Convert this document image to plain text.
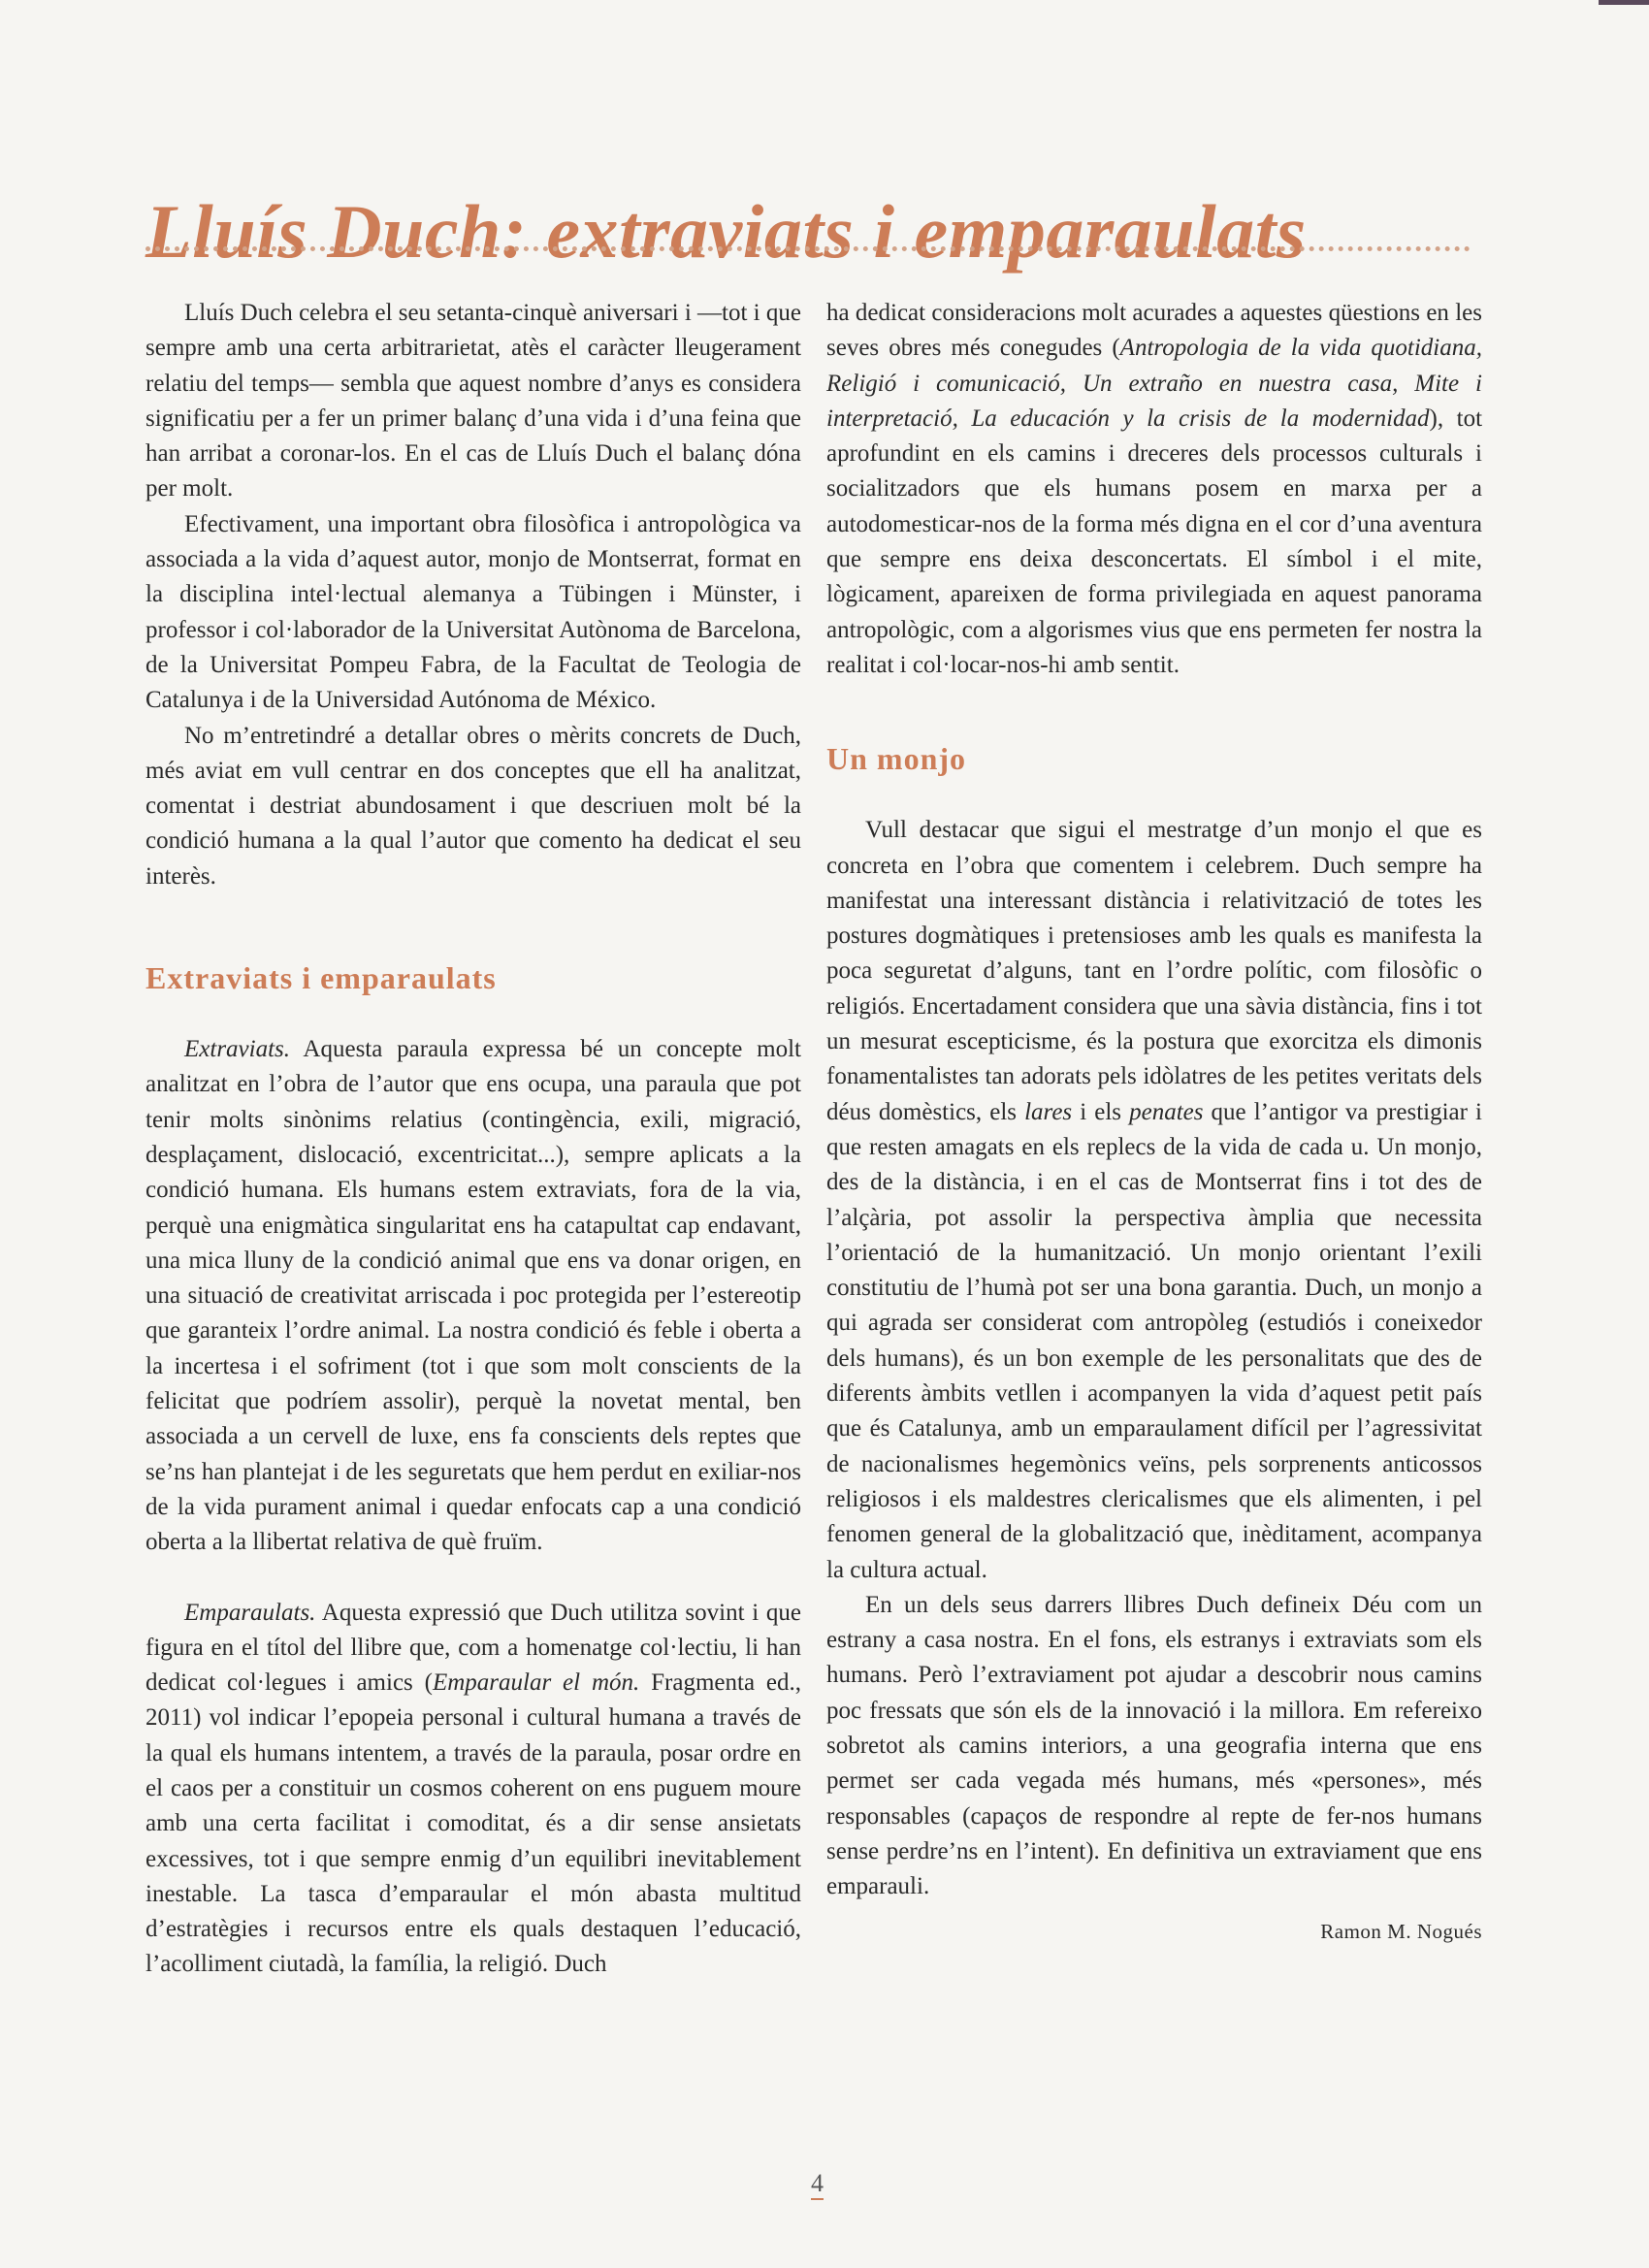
Lluís Duch: extraviats i emparaulats

Lluís Duch celebra el seu setanta-cinquè aniversari i —tot i que sempre amb una certa arbitrarietat, atès el caràcter lleugerament relatiu del temps— sembla que aquest nombre d’anys es considera significatiu per a fer un primer balanç d’una vida i d’una feina que han arribat a coronar-los. En el cas de Lluís Duch el balanç dóna per molt.

Efectivament, una important obra filosòfica i antropològica va associada a la vida d’aquest autor, monjo de Montserrat, format en la disciplina intel·lectual alemanya a Tübingen i Münster, i professor i col·laborador de la Universitat Autònoma de Barcelona, de la Universitat Pompeu Fabra, de la Facultat de Teologia de Catalunya i de la Universidad Autónoma de México.

No m’entretindré a detallar obres o mèrits concrets de Duch, més aviat em vull centrar en dos conceptes que ell ha analitzat, comentat i destriat abundosament i que descriuen molt bé la condició humana a la qual l’autor que comento ha dedicat el seu interès.

Extraviats i emparaulats

Extraviats. Aquesta paraula expressa bé un concepte molt analitzat en l’obra de l’autor que ens ocupa, una paraula que pot tenir molts sinònims relatius (contingència, exili, migració, desplaçament, dislocació, excentricitat...), sempre aplicats a la condició humana. Els humans estem extraviats, fora de la via, perquè una enigmàtica singularitat ens ha catapultat cap endavant, una mica lluny de la condició animal que ens va donar origen, en una situació de creativitat arriscada i poc protegida per l’estereotip que garanteix l’ordre animal. La nostra condició és feble i oberta a la incertesa i el sofriment (tot i que som molt conscients de la felicitat que podríem assolir), perquè la novetat mental, ben associada a un cervell de luxe, ens fa conscients dels reptes que se’ns han plantejat i de les seguretats que hem perdut en exiliar-nos de la vida purament animal i quedar enfocats cap a una condició oberta a la llibertat relativa de què fruïm.

Emparaulats. Aquesta expressió que Duch utilitza sovint i que figura en el títol del llibre que, com a homenatge col·lectiu, li han dedicat col·legues i amics (Emparaular el món. Fragmenta ed., 2011) vol indicar l’epopeia personal i cultural humana a través de la qual els humans intentem, a través de la paraula, posar ordre en el caos per a constituir un cosmos coherent on ens puguem moure amb una certa facilitat i comoditat, és a dir sense ansietats excessives, tot i que sempre enmig d’un equilibri inevitablement inestable. La tasca d’emparaular el món abasta multitud d’estratègies i recursos entre els quals destaquen l’educació, l’acolliment ciutadà, la família, la religió. Duch

ha dedicat consideracions molt acurades a aquestes qüestions en les seves obres més conegudes (Antropologia de la vida quotidiana, Religió i comunicació, Un extraño en nuestra casa, Mite i interpretació, La educación y la crisis de la modernidad), tot aprofundint en els camins i dreceres dels processos culturals i socialitzadors que els humans posem en marxa per a autodomesticar-nos de la forma més digna en el cor d’una aventura que sempre ens deixa desconcertats. El símbol i el mite, lògicament, apareixen de forma privilegiada en aquest panorama antropològic, com a algorismes vius que ens permeten fer nostra la realitat i col·locar-nos-hi amb sentit.

Un monjo

Vull destacar que sigui el mestratge d’un monjo el que es concreta en l’obra que comentem i celebrem. Duch sempre ha manifestat una interessant distància i relativització de totes les postures dogmàtiques i pretensioses amb les quals es manifesta la poca seguretat d’alguns, tant en l’ordre polític, com filosòfic o religiós. Encertadament considera que una sàvia distància, fins i tot un mesurat escepticisme, és la postura que exorcitza els dimonis fonamentalistes tan adorats pels idòlatres de les petites veritats dels déus domèstics, els lares i els penates que l’antigor va prestigiar i que resten amagats en els replecs de la vida de cada u. Un monjo, des de la distància, i en el cas de Montserrat fins i tot des de l’alçària, pot assolir la perspectiva àmplia que necessita l’orientació de la humanització. Un monjo orientant l’exili constitutiu de l’humà pot ser una bona garantia. Duch, un monjo a qui agrada ser considerat com antropòleg (estudiós i coneixedor dels humans), és un bon exemple de les personalitats que des de diferents àmbits vetllen i acompanyen la vida d’aquest petit país que és Catalunya, amb un emparaulament difícil per l’agressivitat de nacionalismes hegemònics veïns, pels sorprenents anticossos religiosos i els maldestres clericalismes que els alimenten, i pel fenomen general de la globalització que, inèditament, acompanya la cultura actual.

En un dels seus darrers llibres Duch defineix Déu com un estrany a casa nostra. En el fons, els estranys i extraviats som els humans. Però l’extraviament pot ajudar a descobrir nous camins poc fressats que són els de la innovació i la millora. Em refereixo sobretot als camins interiors, a una geografia interna que ens permet ser cada vegada més humans, més «persones», més responsables (capaços de respondre al repte de fer-nos humans sense perdre’ns en l’intent). En definitiva un extraviament que ens emparauli.

Ramon M. Nogués
4
